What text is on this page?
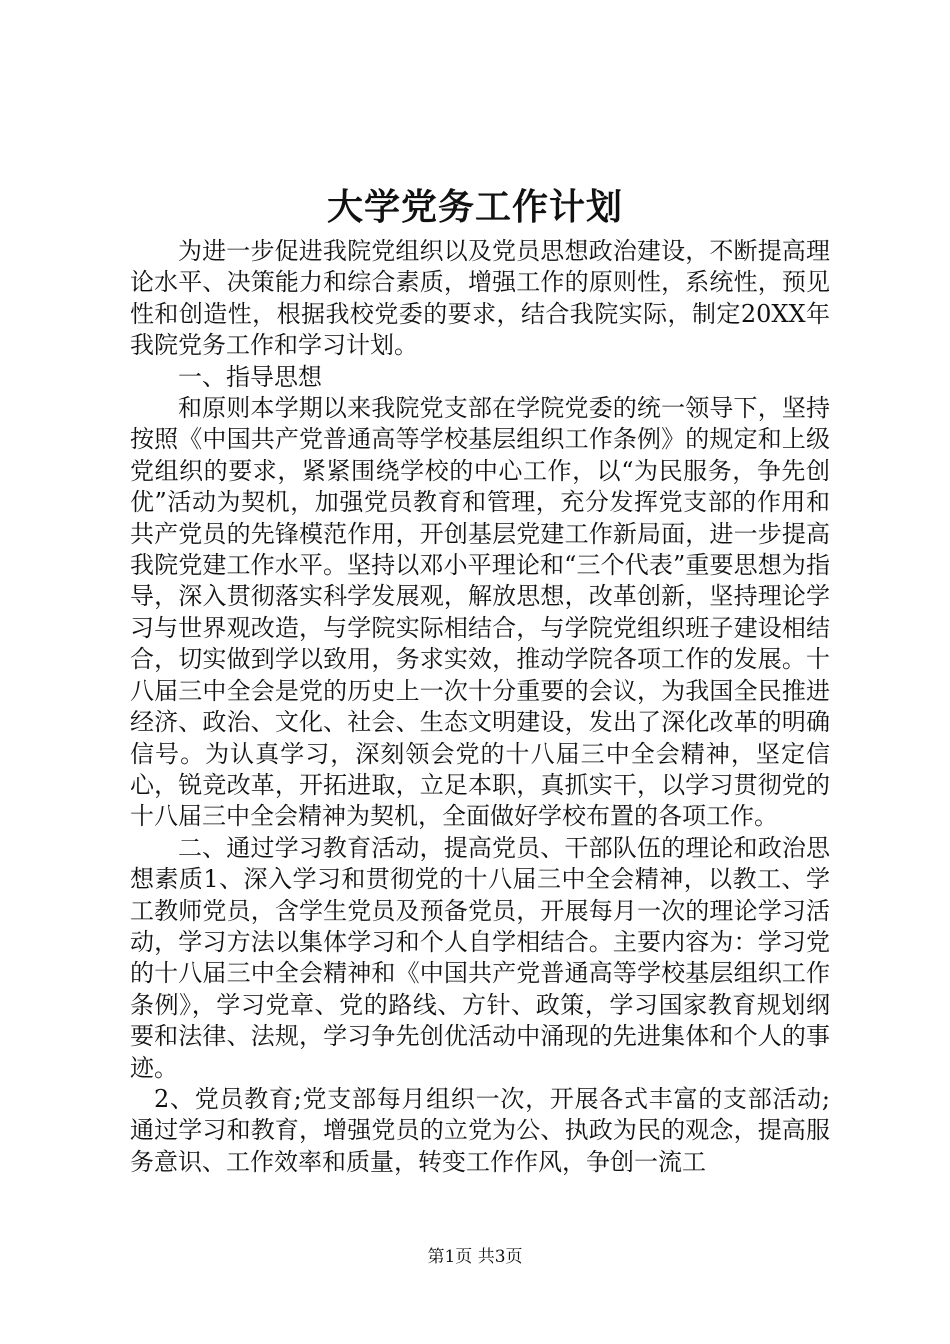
大学党务工作计划

为进一步促进我院党组织以及党员思想政治建设，不断提高理论水平、决策能力和综合素质，增强工作的原则性，系统性，预见性和创造性，根据我校党委的要求，结合我院实际，制定20XX年我院党务工作和学习计划。

一、指导思想

和原则本学期以来我院党支部在学院党委的统一领导下，坚持按照《中国共产党普通高等学校基层组织工作条例》的规定和上级党组织的要求，紧紧围绕学校的中心工作，以“为民服务，争先创优”活动为契机，加强党员教育和管理，充分发挥党支部的作用和共产党员的先锋模范作用，开创基层党建工作新局面，进一步提高我院党建工作水平。坚持以邓小平理论和“三个代表”重要思想为指导，深入贯彻落实科学发展观，解放思想，改革创新，坚持理论学习与世界观改造，与学院实际相结合，与学院党组织班子建设相结合，切实做到学以致用，务求实效，推动学院各项工作的发展。十八届三中全会是党的历史上一次十分重要的会议，为我国全民推进经济、政治、文化、社会、生态文明建设，发出了深化改革的明确信号。为认真学习，深刻领会党的十八届三中全会精神，坚定信心，锐竞改革，开拓进取，立足本职，真抓实干，以学习贯彻党的十八届三中全会精神为契机，全面做好学校布置的各项工作。

二、通过学习教育活动，提高党员、干部队伍的理论和政治思想素质1、深入学习和贯彻党的十八届三中全会精神，以教工、学工教师党员，含学生党员及预备党员，开展每月一次的理论学习活动，学习方法以集体学习和个人自学相结合。主要内容为：学习党的十八届三中全会精神和《中国共产党普通高等学校基层组织工作条例》，学习党章、党的路线、方针、政策，学习国家教育规划纲要和法律、法规，学习争先创优活动中涌现的先进集体和个人的事迹。

2、党员教育;党支部每月组织一次，开展各式丰富的支部活动;通过学习和教育，增强党员的立党为公、执政为民的观念，提高服务意识、工作效率和质量，转变工作作风，争创一流工

第1页 共3页
